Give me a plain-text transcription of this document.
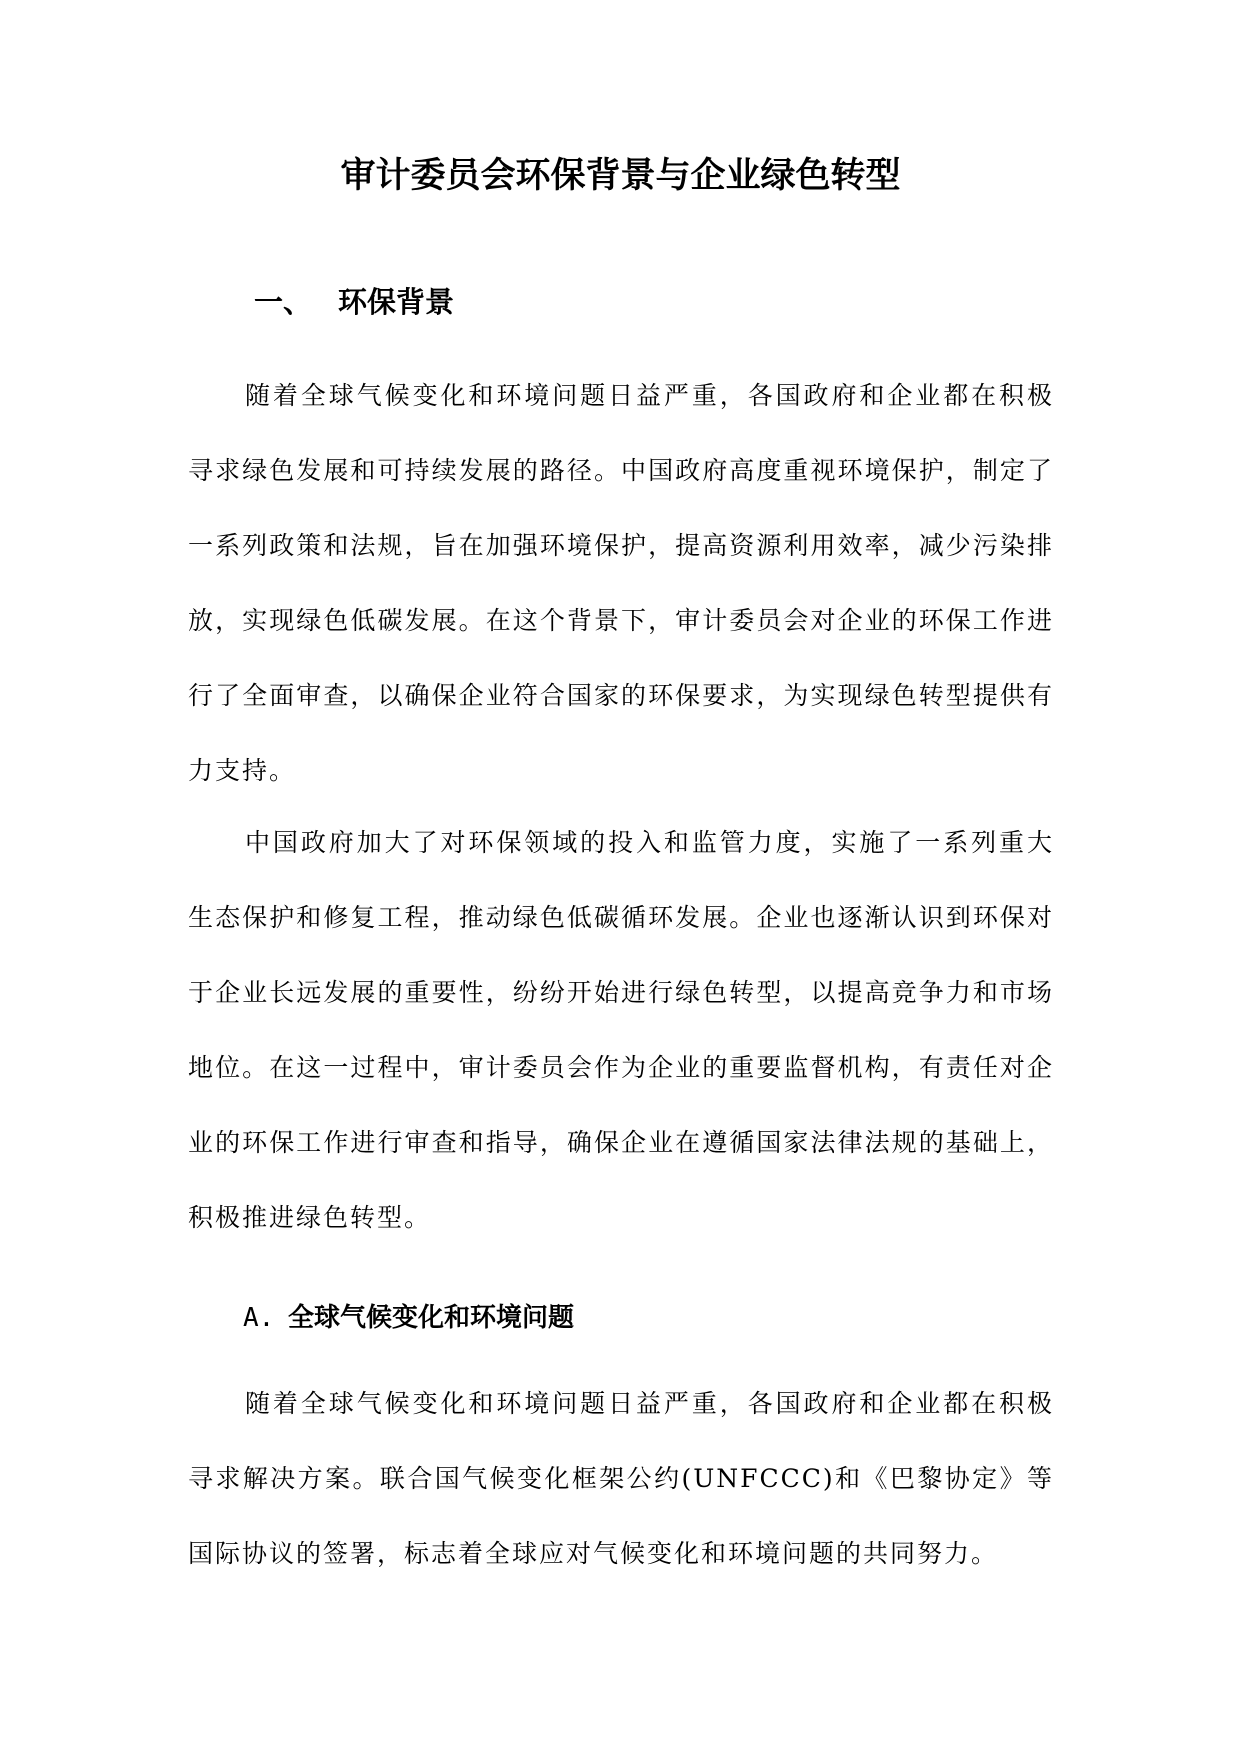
审计委员会环保背景与企业绿色转型
一、 环保背景

随着全球气候变化和环境问题日益严重，各国政府和企业都在积极寻求绿色发展和可持续发展的路径。中国政府高度重视环境保护，制定了一系列政策和法规，旨在加强环境保护，提高资源利用效率，减少污染排放，实现绿色低碳发展。在这个背景下，审计委员会对企业的环保工作进行了全面审查，以确保企业符合国家的环保要求，为实现绿色转型提供有力支持。

中国政府加大了对环保领域的投入和监管力度，实施了一系列重大生态保护和修复工程，推动绿色低碳循环发展。企业也逐渐认识到环保对于企业长远发展的重要性，纷纷开始进行绿色转型，以提高竞争力和市场地位。在这一过程中，审计委员会作为企业的重要监督机构，有责任对企业的环保工作进行审查和指导，确保企业在遵循国家法律法规的基础上，积极推进绿色转型。

A. 全球气候变化和环境问题

随着全球气候变化和环境问题日益严重，各国政府和企业都在积极寻求解决方案。联合国气候变化框架公约(UNFCCC)和《巴黎协定》等国际协议的签署，标志着全球应对气候变化和环境问题的共同努力。
